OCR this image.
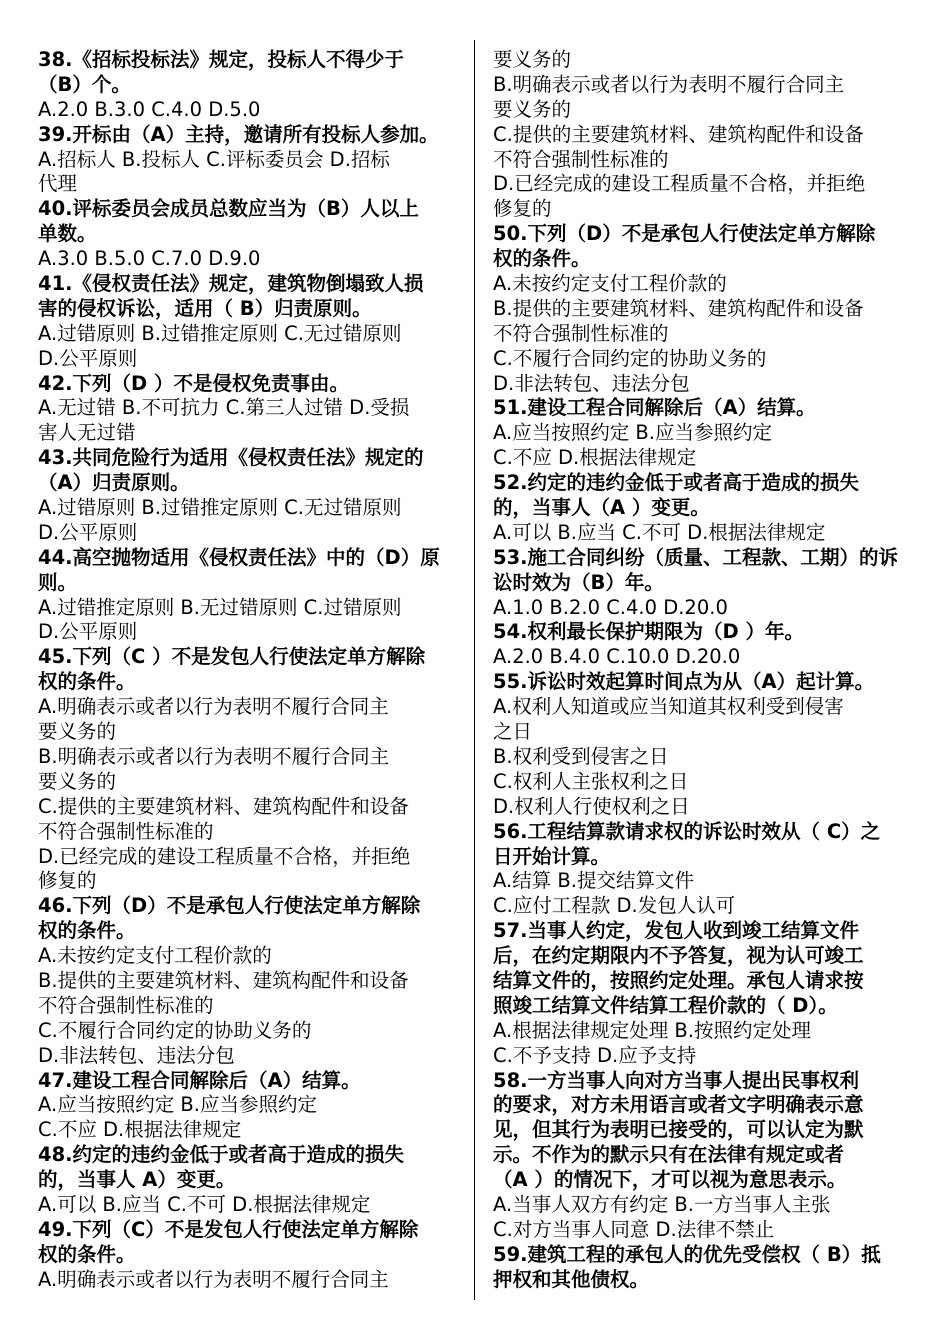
38.《招标投标法》规定，投标人不得少于
（B）个。
A.2.0 B.3.0 C.4.0 D.5.0
39.开标由（A）主持，邀请所有投标人参加。
A.招标人 B.投标人 C.评标委员会 D.招标
代理
40.评标委员会成员总数应当为（B）人以上
单数。
A.3.0 B.5.0 C.7.0 D.9.0
41.《侵权责任法》规定，建筑物倒塌致人损
害的侵权诉讼，适用（ B）归责原则。
A.过错原则 B.过错推定原则 C.无过错原则
D.公平原则
42.下列（D ）不是侵权免责事由。
A.无过错 B.不可抗力 C.第三人过错 D.受损
害人无过错
43.共同危险行为适用《侵权责任法》规定的
（A）归责原则。
A.过错原则 B.过错推定原则 C.无过错原则
D.公平原则
44.高空抛物适用《侵权责任法》中的（D）原
则。
A.过错推定原则 B.无过错原则 C.过错原则
D.公平原则
45.下列（C ）不是发包人行使法定单方解除
权的条件。
A.明确表示或者以行为表明不履行合同主
要义务的
B.明确表示或者以行为表明不履行合同主
要义务的
C.提供的主要建筑材料、建筑构配件和设备
不符合强制性标准的
D.已经完成的建设工程质量不合格，并拒绝
修复的
46.下列（D）不是承包人行使法定单方解除
权的条件。
A.未按约定支付工程价款的
B.提供的主要建筑材料、建筑构配件和设备
不符合强制性标准的
C.不履行合同约定的协助义务的
D.非法转包、违法分包
47.建设工程合同解除后（A）结算。
A.应当按照约定 B.应当参照约定
C.不应 D.根据法律规定
48.约定的违约金低于或者高于造成的损失
的，当事人 A）变更。
A.可以 B.应当 C.不可 D.根据法律规定
49.下列（C）不是发包人行使法定单方解除
权的条件。
A.明确表示或者以行为表明不履行合同主
要义务的
B.明确表示或者以行为表明不履行合同主
要义务的
C.提供的主要建筑材料、建筑构配件和设备
不符合强制性标准的
D.已经完成的建设工程质量不合格，并拒绝
修复的
50.下列（D）不是承包人行使法定单方解除
权的条件。
A.未按约定支付工程价款的
B.提供的主要建筑材料、建筑构配件和设备
不符合强制性标准的
C.不履行合同约定的协助义务的
D.非法转包、违法分包
51.建设工程合同解除后（A）结算。
A.应当按照约定 B.应当参照约定
C.不应 D.根据法律规定
52.约定的违约金低于或者高于造成的损失
的，当事人（A ）变更。
A.可以 B.应当 C.不可 D.根据法律规定
53.施工合同纠纷（质量、工程款、工期）的诉
讼时效为（B）年。
A.1.0 B.2.0 C.4.0 D.20.0
54.权利最长保护期限为（D ）年。
A.2.0 B.4.0 C.10.0 D.20.0
55.诉讼时效起算时间点为从（A）起计算。
A.权利人知道或应当知道其权利受到侵害
之日
B.权利受到侵害之日
C.权利人主张权利之日
D.权利人行使权利之日
56.工程结算款请求权的诉讼时效从（ C）之
日开始计算。
A.结算 B.提交结算文件
C.应付工程款 D.发包人认可
57.当事人约定，发包人收到竣工结算文件
后，在约定期限内不予答复，视为认可竣工
结算文件的，按照约定处理。承包人请求按
照竣工结算文件结算工程价款的（ D）。
A.根据法律规定处理 B.按照约定处理
C.不予支持 D.应予支持
58.一方当事人向对方当事人提出民事权利
的要求，对方未用语言或者文字明确表示意
见，但其行为表明已接受的，可以认定为默
示。不作为的默示只有在法律有规定或者
（A ）的情况下，才可以视为意思表示。
A.当事人双方有约定 B.一方当事人主张
C.对方当事人同意 D.法律不禁止
59.建筑工程的承包人的优先受偿权（ B）抵
押权和其他债权。
